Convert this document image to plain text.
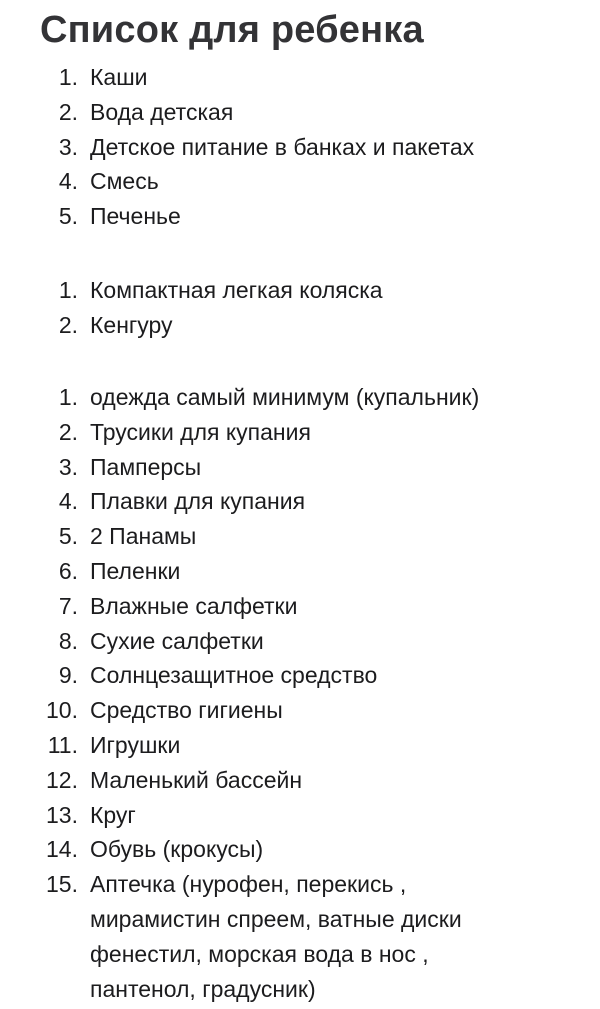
Список для ребенка
1. Каши
2. Вода детская
3. Детское питание в банках и пакетах
4. Смесь
5. Печенье
1. Компактная легкая коляска
2. Кенгуру
1. одежда самый минимум (купальник)
2. Трусики для купания
3. Памперсы
4. Плавки для купания
5. 2 Панамы
6. Пеленки
7. Влажные салфетки
8. Сухие салфетки
9. Солнцезащитное средство
10. Средство гигиены
11. Игрушки
12. Маленький бассейн
13. Круг
14. Обувь (крокусы)
15. Аптечка (нурофен, перекись ,
мирамистин спреем, ватные диски
фенестил, морская вода в нос ,
пантенол, градусник)
